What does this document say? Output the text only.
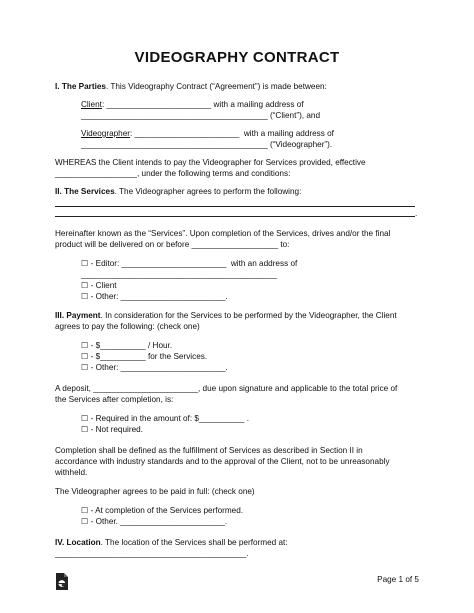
VIDEOGRAPHY CONTRACT
I. The Parties. This Videography Contract (“Agreement”) is made between:
Client: _______________________ with a mailing address of
_________________________________________ (“Client”), and
Videographer: _______________________  with a mailing address of
_________________________________________ (“Videographer”).
WHEREAS the Client intends to pay the Videographer for Services provided, effective
__________________, under the following terms and conditions:
II. The Services. The Videographer agrees to perform the following:
.
Hereinafter known as the “Services”. Upon completion of the Services, drives and/or the final
product will be delivered on or before ___________________ to:
☐ - Editor: _______________________  with an address of
___________________________________________
☐ - Client
☐ - Other: _______________________.
III. Payment. In consideration for the Services to be performed by the Videographer, the Client
agrees to pay the following: (check one)
☐ - $__________ / Hour.
☐ - $__________ for the Services.
☐ - Other: _______________________.
A deposit, _______________________, due upon signature and applicable to the total price of
the Services after completion, is:
☐ - Required in the amount of: $__________ .
☐ - Not required.
Completion shall be defined as the fulfillment of Services as described in Section II in
accordance with industry standards and to the approval of the Client, not to be unreasonably
withheld.
The Videographer agrees to be paid in full: (check one)
☐ - At completion of the Services performed.
☐ - Other. _______________________.
IV. Location. The location of the Services shall be performed at:
__________________________________________.
Page 1 of 5
